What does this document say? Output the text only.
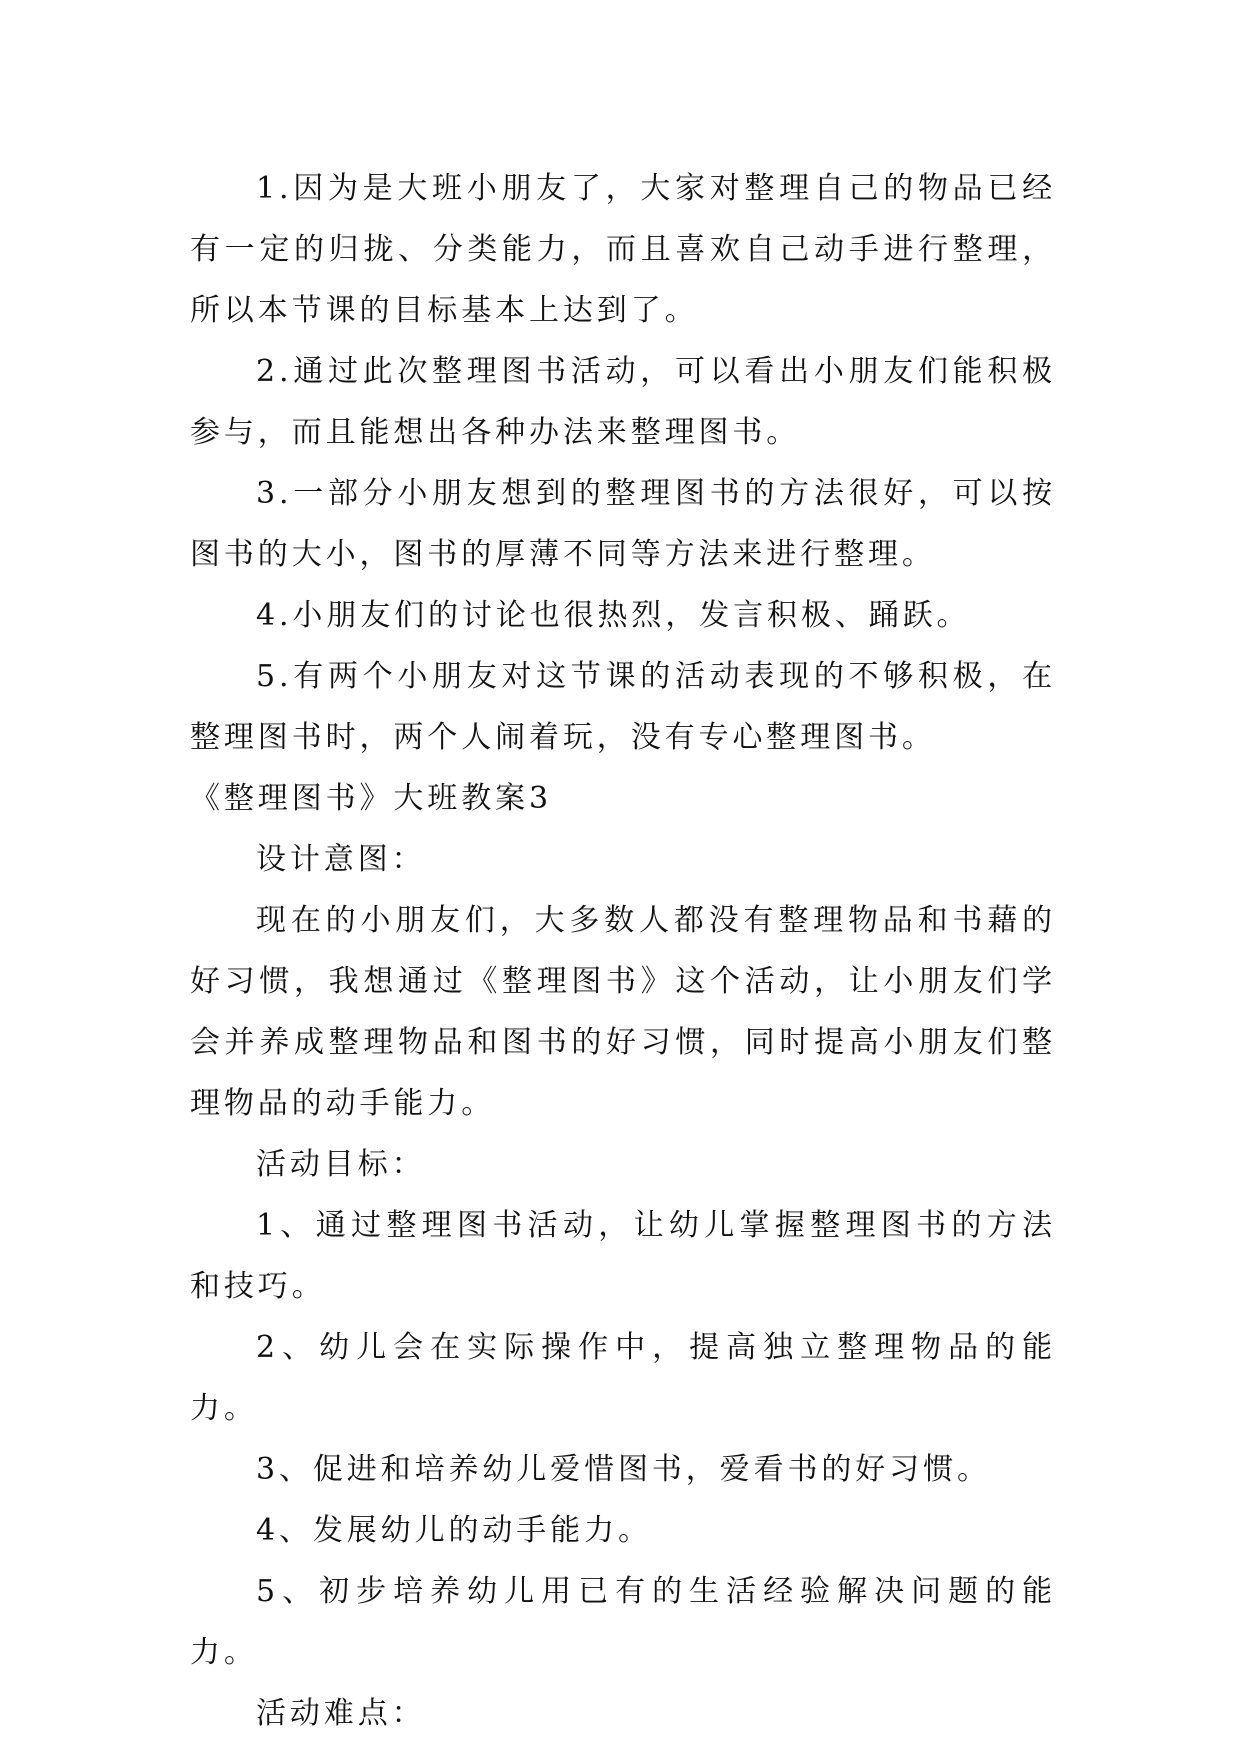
1.因为是大班小朋友了，大家对整理自己的物品已经有一定的归拢、分类能力，而且喜欢自己动手进行整理，所以本节课的目标基本上达到了。

2.通过此次整理图书活动，可以看出小朋友们能积极参与，而且能想出各种办法来整理图书。

3.一部分小朋友想到的整理图书的方法很好，可以按图书的大小，图书的厚薄不同等方法来进行整理。

4.小朋友们的讨论也很热烈，发言积极、踊跃。

5.有两个小朋友对这节课的活动表现的不够积极，在整理图书时，两个人闹着玩，没有专心整理图书。

《整理图书》大班教案3

设计意图：

现在的小朋友们，大多数人都没有整理物品和书藉的好习惯，我想通过《整理图书》这个活动，让小朋友们学会并养成整理物品和图书的好习惯，同时提高小朋友们整理物品的动手能力。

活动目标：

1、通过整理图书活动，让幼儿掌握整理图书的方法和技巧。

2、幼儿会在实际操作中，提高独立整理物品的能力。

3、促进和培养幼儿爱惜图书，爱看书的好习惯。

4、发展幼儿的动手能力。

5、初步培养幼儿用已有的生活经验解决问题的能力。

活动难点：
